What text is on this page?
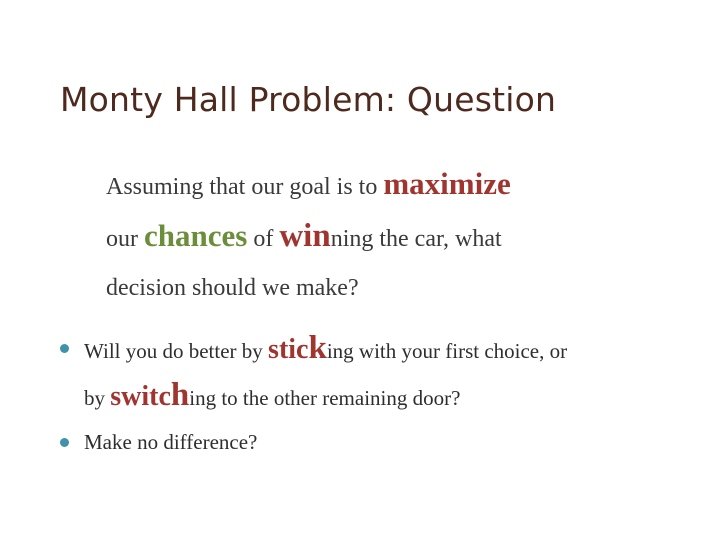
Monty Hall Problem: Question

Assuming that our goal is to maximize
our chances of winning the car, what
decision should we make?

Will you do better by sticking with your first choice, or
by switching to the other remaining door?
Make no difference?
